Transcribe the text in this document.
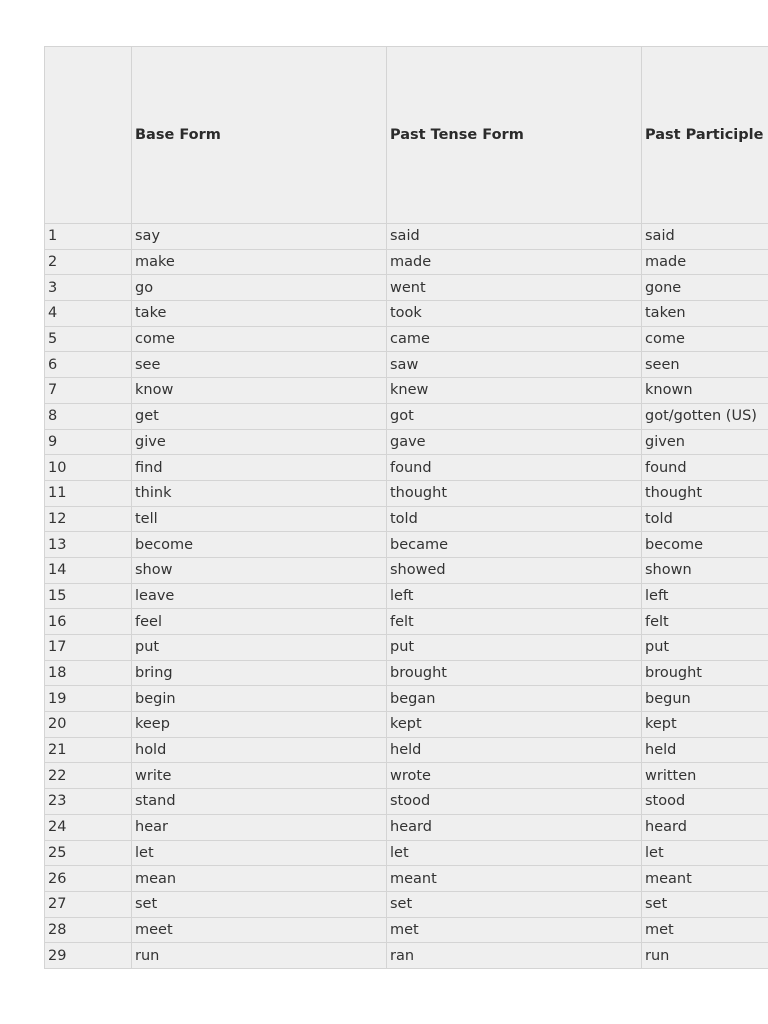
	Base Form	Past Tense Form	Past Participle
1	say	said	said
2	make	made	made
3	go	went	gone
4	take	took	taken
5	come	came	come
6	see	saw	seen
7	know	knew	known
8	get	got	got/gotten (US)
9	give	gave	given
10	find	found	found
11	think	thought	thought
12	tell	told	told
13	become	became	become
14	show	showed	shown
15	leave	left	left
16	feel	felt	felt
17	put	put	put
18	bring	brought	brought
19	begin	began	begun
20	keep	kept	kept
21	hold	held	held
22	write	wrote	written
23	stand	stood	stood
24	hear	heard	heard
25	let	let	let
26	mean	meant	meant
27	set	set	set
28	meet	met	met
29	run	ran	run
